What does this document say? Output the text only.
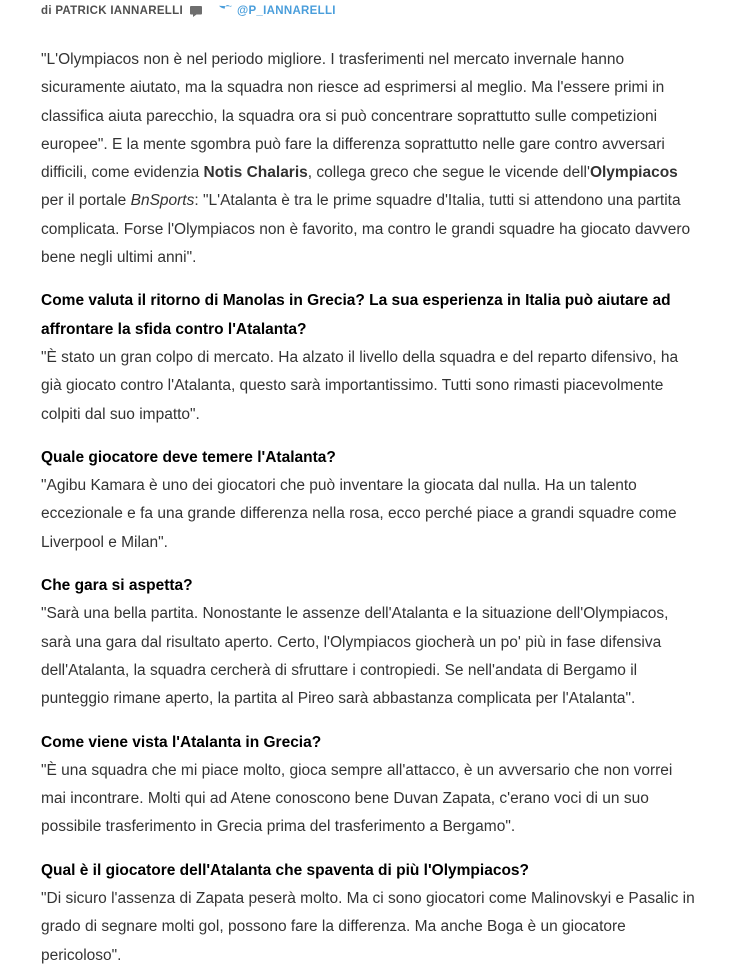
di PATRICK IANNARELLI	@P_IANNARELLI

"L'Olympiacos non è nel periodo migliore. I trasferimenti nel mercato invernale hanno sicuramente aiutato, ma la squadra non riesce ad esprimersi al meglio. Ma l'essere primi in classifica aiuta parecchio, la squadra ora si può concentrare soprattutto sulle competizioni europee". E la mente sgombra può fare la differenza soprattutto nelle gare contro avversari difficili, come evidenzia Notis Chalaris, collega greco che segue le vicende dell'Olympiacos per il portale BnSports: "L'Atalanta è tra le prime squadre d'Italia, tutti si attendono una partita complicata. Forse l'Olympiacos non è favorito, ma contro le grandi squadre ha giocato davvero bene negli ultimi anni".

Come valuta il ritorno di Manolas in Grecia? La sua esperienza in Italia può aiutare ad affrontare la sfida contro l'Atalanta?

"È stato un gran colpo di mercato. Ha alzato il livello della squadra e del reparto difensivo, ha già giocato contro l'Atalanta, questo sarà importantissimo. Tutti sono rimasti piacevolmente colpiti dal suo impatto".

Quale giocatore deve temere l'Atalanta?

"Agibu Kamara è uno dei giocatori che può inventare la giocata dal nulla. Ha un talento eccezionale e fa una grande differenza nella rosa, ecco perché piace a grandi squadre come Liverpool e Milan".

Che gara si aspetta?

"Sarà una bella partita. Nonostante le assenze dell'Atalanta e la situazione dell'Olympiacos, sarà una gara dal risultato aperto. Certo, l'Olympiacos giocherà un po' più in fase difensiva dell'Atalanta, la squadra cercherà di sfruttare i contropiedi. Se nell'andata di Bergamo il punteggio rimane aperto, la partita al Pireo sarà abbastanza complicata per l'Atalanta".

Come viene vista l'Atalanta in Grecia?

"È una squadra che mi piace molto, gioca sempre all'attacco, è un avversario che non vorrei mai incontrare. Molti qui ad Atene conoscono bene Duvan Zapata, c'erano voci di un suo possibile trasferimento in Grecia prima del trasferimento a Bergamo".

Qual è il giocatore dell'Atalanta che spaventa di più l'Olympiacos?

"Di sicuro l'assenza di Zapata peserà molto. Ma ci sono giocatori come Malinovskyi e Pasalic in grado di segnare molti gol, possono fare la differenza. Ma anche Boga è un giocatore pericoloso".
